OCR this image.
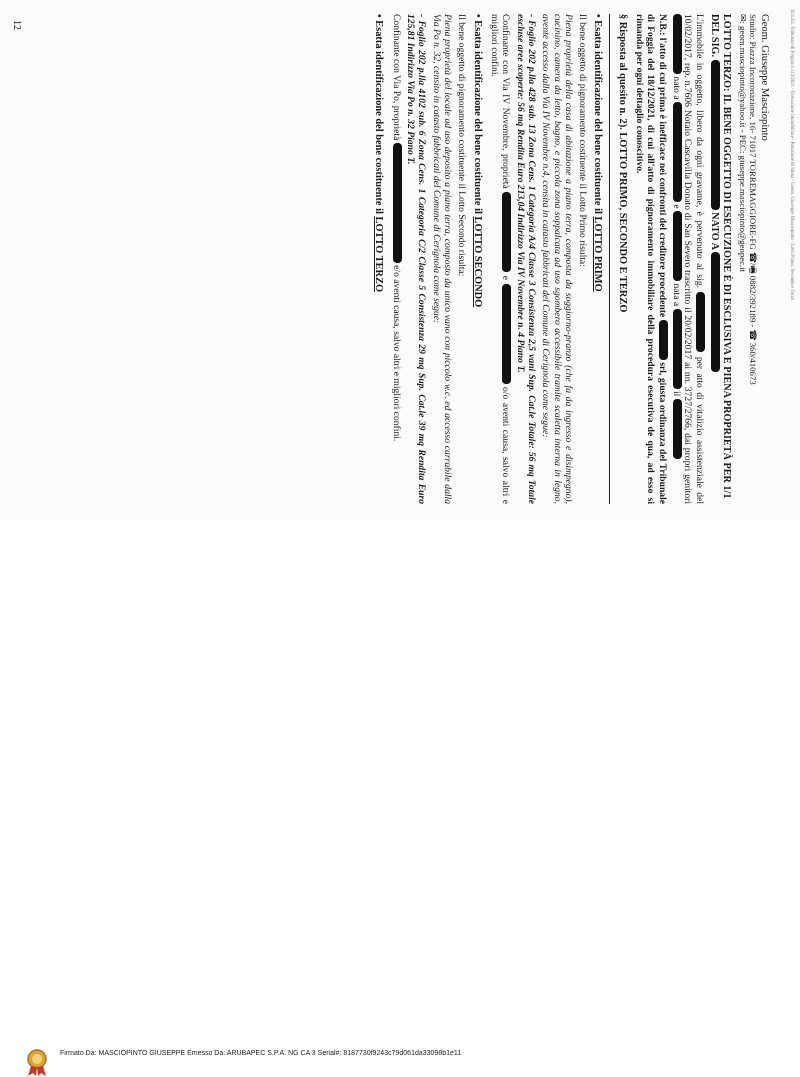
R.G.Es. Tribunale di Foggia n.123/2021 - Esecuzione Immobiliare - Relazione di Stima - Geom. Giuseppe Masciopinto - Lotti Primo, Secondo e Terzo
Geom. Giuseppe Masciopinto
Studio: Piazza Incoronazione, 16- 71017 TORREMAGGIORE-FG ☎/🖷 0882/392189 - ☎ 360/410673
✉: geom.masciopinto@yahoo.it - PEC: giuseppe.masciopinto@geopec.it
LOTTO TERZO: IL BENE OGGETTO DI ESECUZIONE È DI ESCLUSIVA E PIENA PROPRIETÀ PER 1/1
DEL SIG.  NATO A

L'immobile in oggetto, libero da ogni gravame, è pervenuto al sig.  per atto di vitalizio assistenziale del 10/02/2017, rep. n.7606 Notaio Cascavilla Donato di San Severo trascritto il 20/02/2017 ai nn. 3727/2766, dai propri genitori  nato a  e  nata a  il

N.B.: l'atto di cui prima è inefficace nei confronti del creditore procedente  srl, giusta ordinanza del Tribunale di Foggia del 18/12/2021, di cui all'atto di pignoramento immobiliare della procedura esecutiva de qua, ad esso si rimanda per ogni dettaglio conoscitivo.

§ Risposta al quesito n. 2). LOTTO PRIMO, SECONDO E TERZO
• Esatta identificazione del bene costituente il LOTTO PRIMO

Il bene oggetto di pignoramento costituente il Lotto Primo risulta:

Piena proprietà della casa di abitazione a piano terra, composta da soggiorno-pranzo (che fa da ingresso e disimpegno), cucinino, camera da letto, bagno, e piccola zona soppalcata ad uso sgombero accessibile tramite scaletta interna in legno, avente accesso dalla Via IV Novembre n.4, censita in catasto fabbricati del Comune di Cerignola come segue:

- Foglio 202 p.lla 428 sub. 13 Zona Cens. 1 Categoria A/4 Classe 3 Consistenza 2,5 vani Sup. Cat.le Totale: 56 mq Totale escluse aree scoperte: 56 mq Rendita Euro 213,04 Indirizzo Via IV Novembre n. 4 Piano T.

Confinante con Via IV Novembre, proprietà  e  o/o aventi causa, salvo altri e migliori confini.

• Esatta identificazione del bene costituente il LOTTO SECONDO

Il bene oggetto di pignoramento costituente il Lotto Secondo risulta:

Piena proprietà del locale ad uso deposito a piano terra, composto da unico vano con piccolo w.c. ed accesso carrabile dalla Via Po n. 32, censito in catasto fabbricati del Comune di Cerignola come segue:

- Foglio 202 p.lla 4102 sub. 6 Zona Cens. 1 Categoria C/2 Classe 5 Consistenza 29 mq Sup. Cat.le 39 mq Rendita Euro 125,81 Indirizzo Via Po n. 32 Piano T.

Confinante con Via Po, proprietà  e/o aventi causa, salvo altri e migliori confini.

• Esatta identificazione del bene costituente il LOTTO TERZO
12
Firmato Da: MASCIOPINTO GIUSEPPE Emesso Da: ARUBAPEC S.P.A. NG CA 3 Serial#: 8187730f9243c79d061da33098b1e11
